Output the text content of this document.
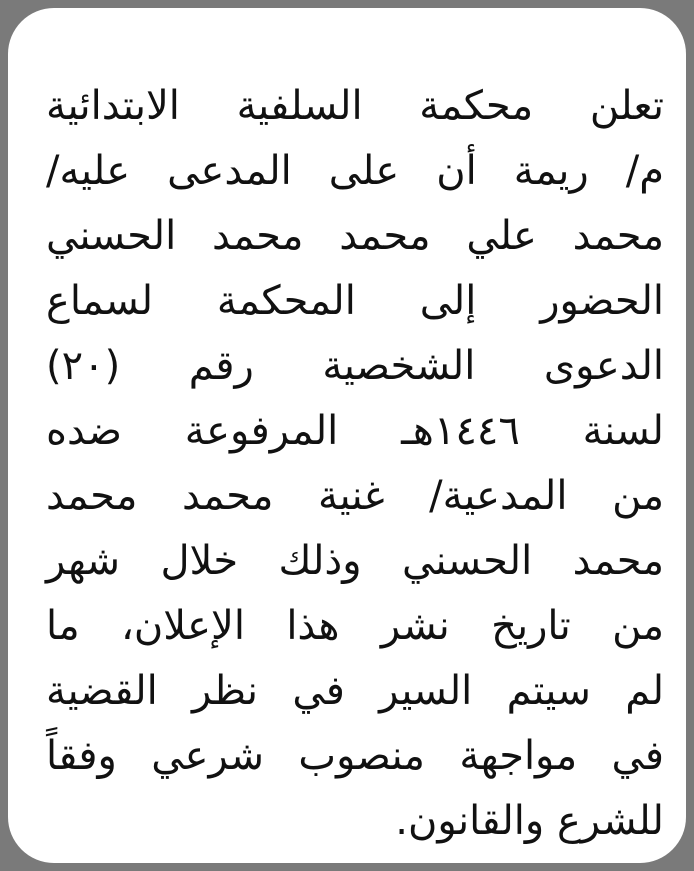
تعلن محكمة السلفية الابتدائية
م/ ريمة أن على المدعى عليه/
محمد علي محمد محمد الحسني
الحضور إلى المحكمة لسماع
الدعوى الشخصية رقم (٢٠)
لسنة ١٤٤٦هـ المرفوعة ضده
من المدعية/ غنية محمد محمد
محمد الحسني وذلك خلال شهر
من تاريخ نشر هذا الإعلان، ما
لم سيتم السير في نظر القضية
في مواجهة منصوب شرعي وفقاً
للشرع والقانون.
